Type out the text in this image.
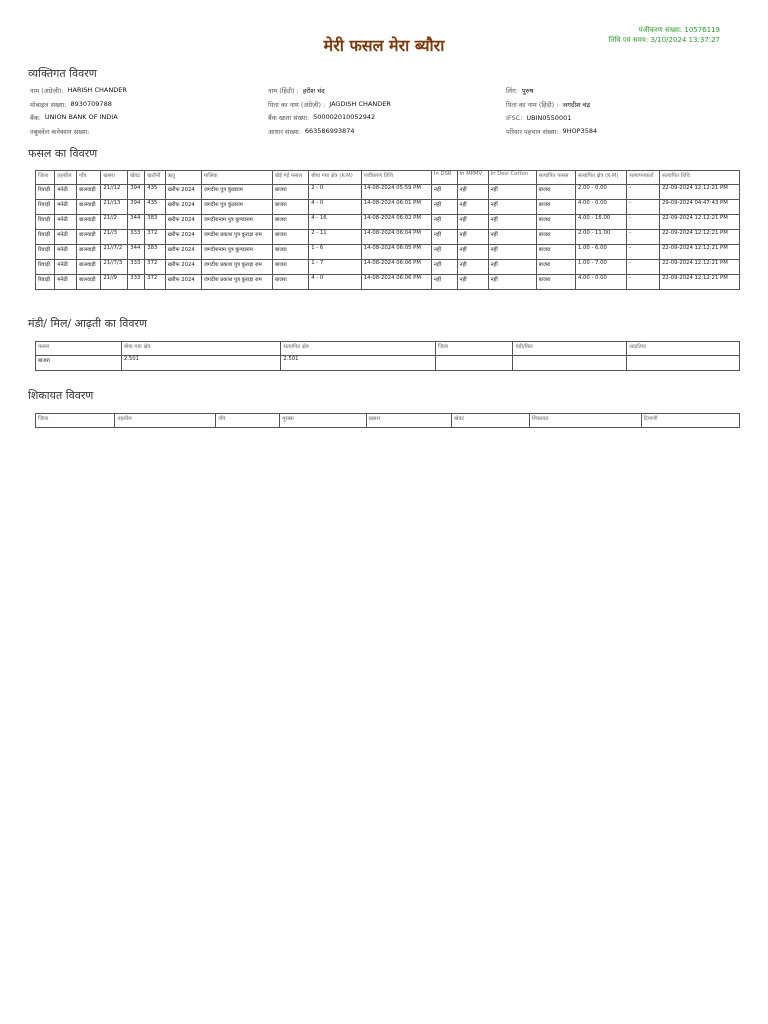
पंजीकरण संख्या: 10576119
तिथि एवं समय: 3/10/2024 13:37:27
मेरी फसल मेरा ब्यौरा
व्यक्तिगत विवरण
नाम (अंग्रेज़ी): HARISH CHANDER	नाम (हिंदी) : हरीश चंद	लिंग: पुरुष
मोबाइल संख्या: 8930709788	पिता का नाम (अंग्रेज़ी) : JAGDISH CHANDER	पिता का नाम (हिंदी) : जगदीश चंद्र
बैंक: UNION BANK OF INDIA	बैंक खाता संख्या: 500002010052942	IFSC: UBIN0550001
तबूबवेल कनेक्शन संख्या:	आधार संख्या: 663586993874	परिवार पहचान संख्या: 9HOP3584
फसल का विवरण
जिला	तहसील	गाँव	खसरा	खेवट	खतौनी	ऋतु	मालिक	बोई गई फसल	बोया गया क्षेत्र (K-M)	पंजीकरण तिथि	In DSR	In MPMV	In Desi Cotton	सत्यापित फसल	सत्यापित क्षेत्र (K-M)	सत्यापनकर्ता	सत्यापित तिथि
रिवाड़ी	मनेठी	बालवाड़ी	21//12	394	435	खरीफ 2024	जगदीश पुत्र कुंडाराम	बाजरा	2 - 0	14-08-2024 05:59 PM	नहीं	नहीं	नहीं	बाजरा	2.00 - 0.00	-	22-09-2024 12:12:21 PM
रिवाड़ी	मनेठी	बालवाड़ी	21//13	394	435	खरीफ 2024	जगदीश पुत्र कुंडाराम	बाजरा	4 - 0	14-08-2024 06:01 PM	नहीं	नहीं	नहीं	बाजरा	4.00 - 0.00	-	29-09-2024 04:47:43 PM
रिवाड़ी	मनेठी	बालवाड़ी	21//2	344	383	खरीफ 2024	जगदीशनाम पुत्र कुण्डाराम	बाजरा	4 - 16	14-08-2024 06:02 PM	नहीं	नहीं	नहीं	बाजरा	4.00 - 16.00	-	22-09-2024 12:12:21 PM
रिवाड़ी	मनेठी	बालवाड़ी	21//3	333	372	खरीफ 2024	जगदीश प्रकाश पुत्र कुराड़ा राम	बाजरा	2 - 11	14-08-2024 06:04 PM	नहीं	नहीं	नहीं	बाजरा	2.00 - 11.00	-	22-09-2024 12:12:21 PM
रिवाड़ी	मनेठी	बालवाड़ी	21//7/2	344	383	खरीफ 2024	जगदीशनाम पुत्र कुण्डाराम	बाजरा	1 - 6	14-08-2024 06:05 PM	नहीं	नहीं	नहीं	बाजरा	1.00 - 6.00	-	22-09-2024 12:12:21 PM
रिवाड़ी	मनेठी	बालवाड़ी	21//7/3	333	372	खरीफ 2024	जगदीश प्रकाश पुत्र कुराड़ा राम	बाजरा	1 - 7	14-08-2024 06:06 PM	नहीं	नहीं	नहीं	बाजरा	1.00 - 7.00	-	22-09-2024 12:12:21 PM
रिवाड़ी	मनेठी	बालवाड़ी	21//9	333	372	खरीफ 2024	जगदीश प्रकाश पुत्र कुराड़ा राम	बाजरा	4 - 0	14-08-2024 06:06 PM	नहीं	नहीं	नहीं	बाजरा	4.00 - 0.00	-	22-09-2024 12:12:21 PM
मंडी/ मिल/ आढ़ती का विवरण
फसल	बोया गया क्षेत्र	सत्यापित क्षेत्र	जिला	मंडी/मिल	आढ़तिया
बाजरा	2.501	2.501			
शिकायत विवरण
जिला	तहसील	गाँव	मुरब्बा	खसरा	खेवट	शिकायत	टिप्पणी
